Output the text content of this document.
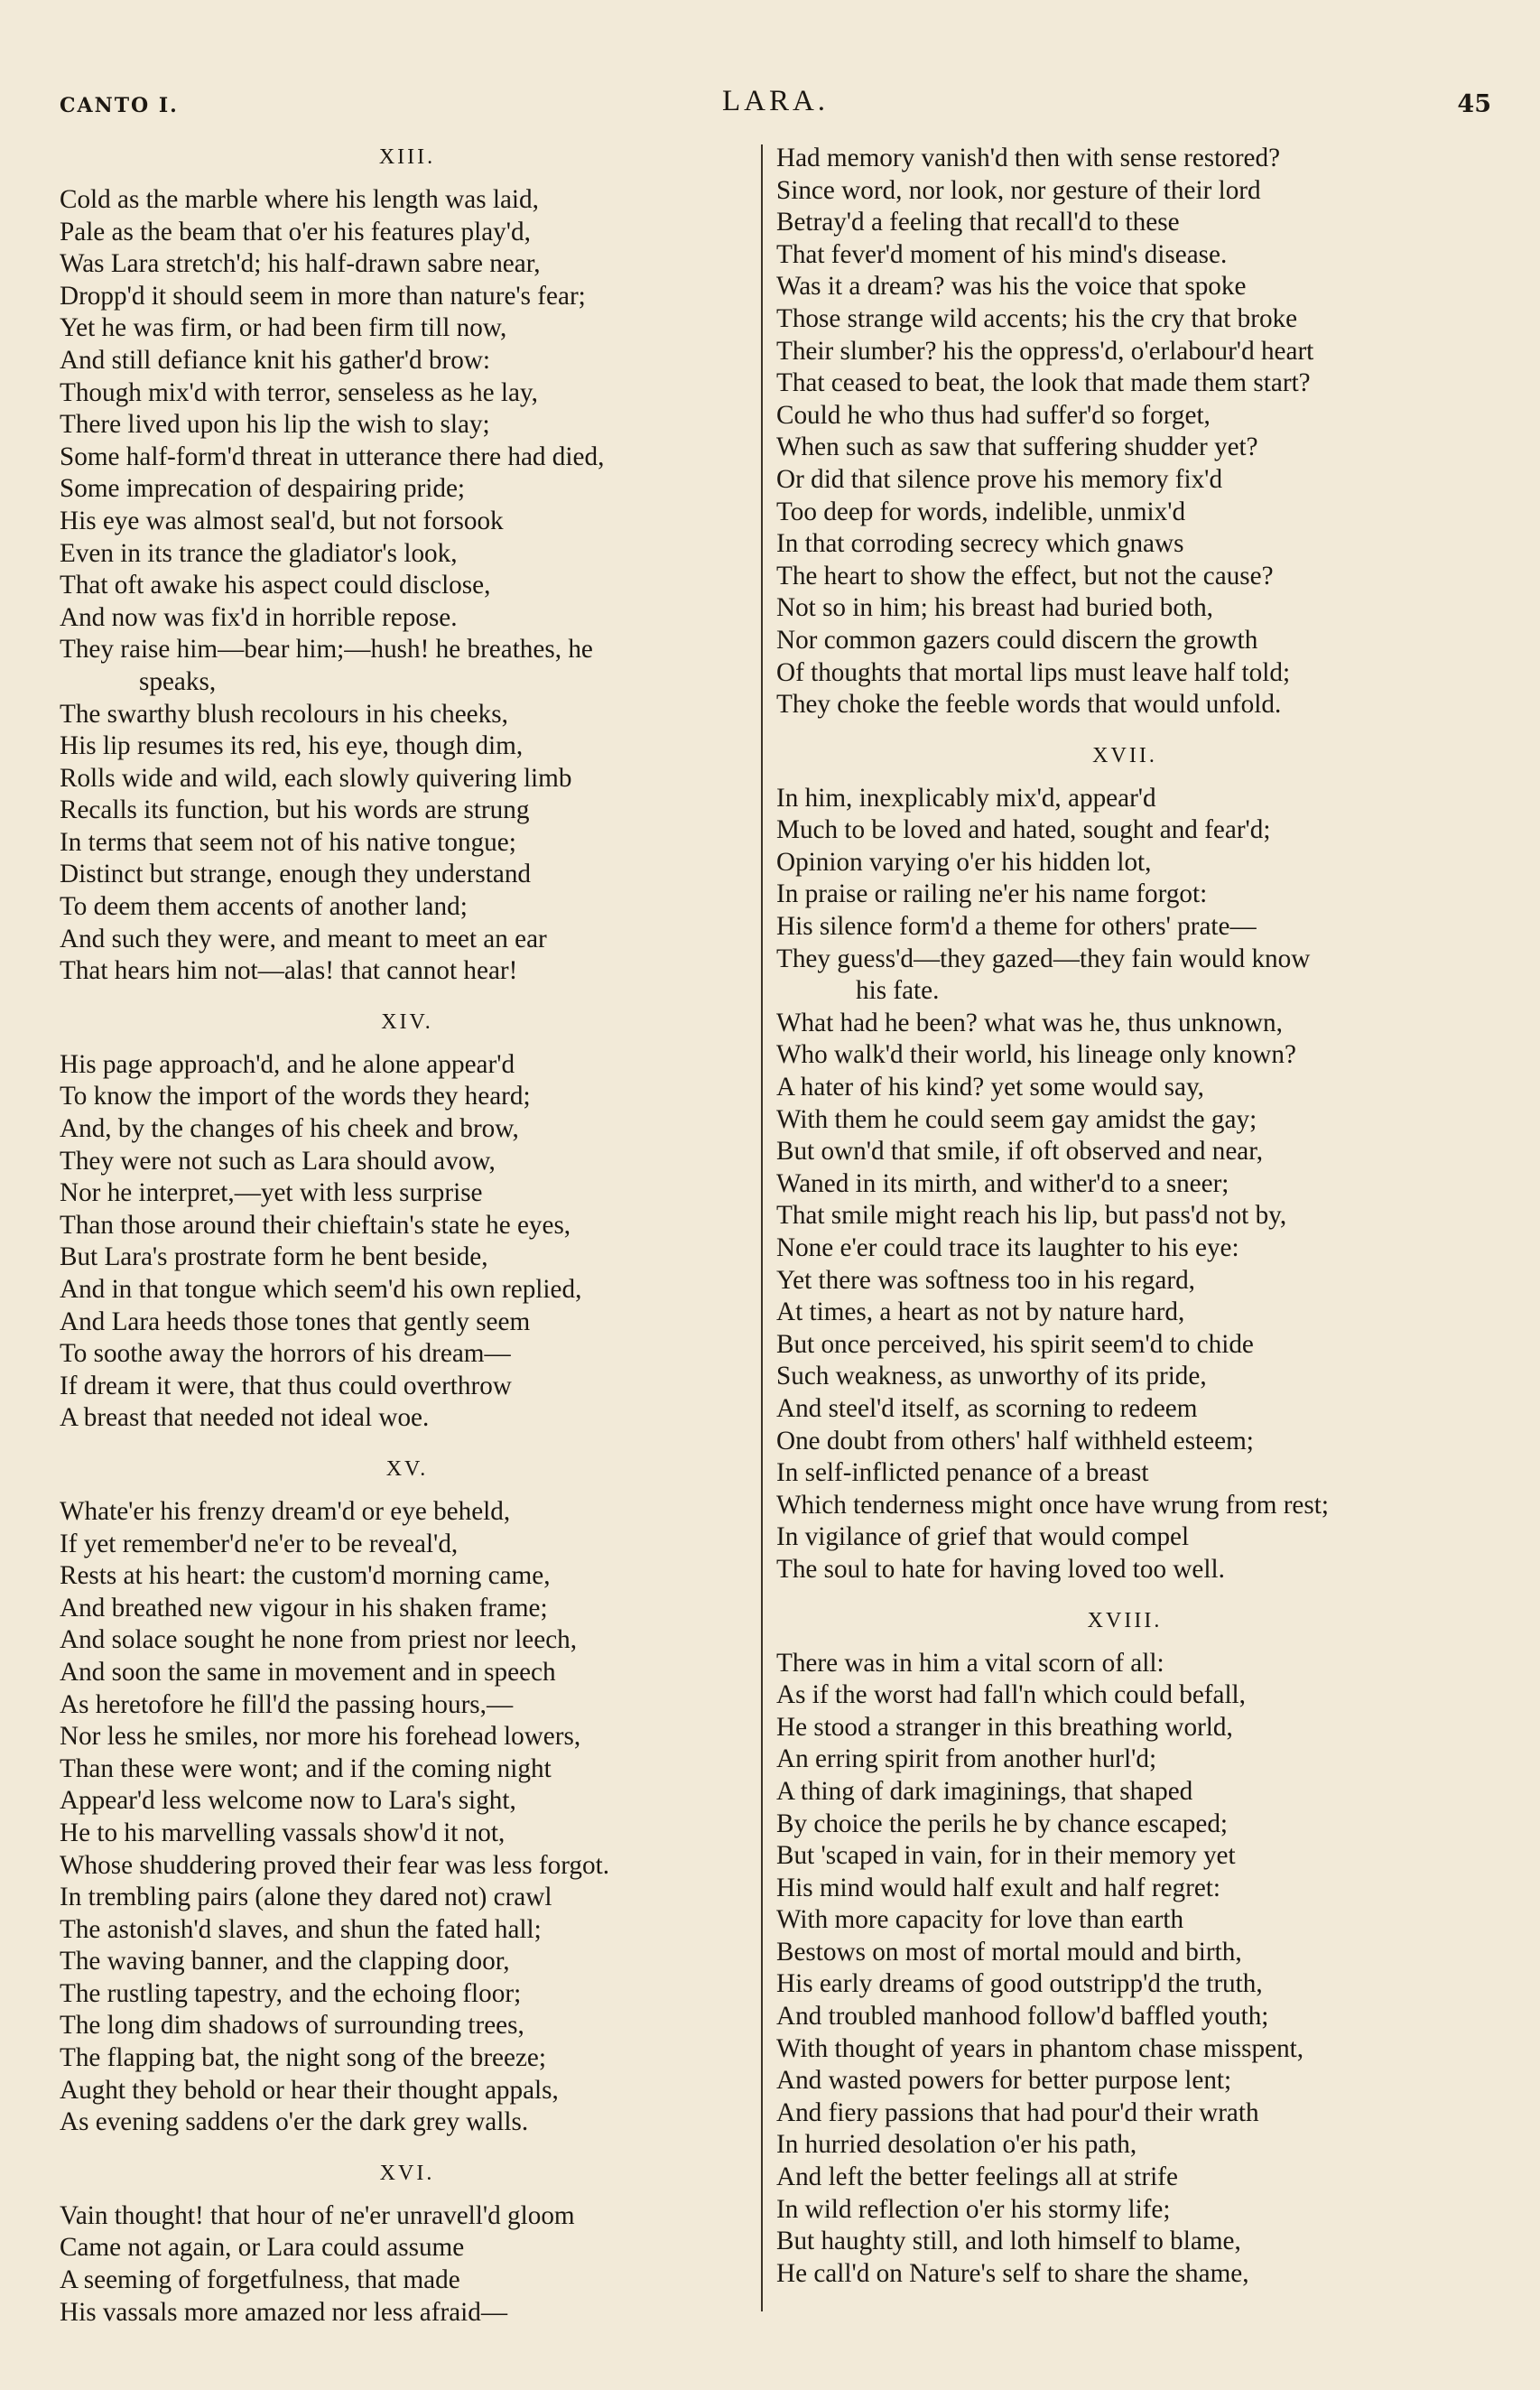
CANTO I.	LARA.	45
XIII.
Cold as the marble where his length was laid,
Pale as the beam that o'er his features play'd,
Was Lara stretch'd; his half-drawn sabre near,
Dropp'd it should seem in more than nature's fear;
Yet he was firm, or had been firm till now,
And still defiance knit his gather'd brow:
Though mix'd with terror, senseless as he lay,
There lived upon his lip the wish to slay;
Some half-form'd threat in utterance there had died,
Some imprecation of despairing pride;
His eye was almost seal'd, but not forsook
Even in its trance the gladiator's look,
That oft awake his aspect could disclose,
And now was fix'd in horrible repose.
They raise him—bear him;—hush! he breathes, he
speaks,
The swarthy blush recolours in his cheeks,
His lip resumes its red, his eye, though dim,
Rolls wide and wild, each slowly quivering limb
Recalls its function, but his words are strung
In terms that seem not of his native tongue;
Distinct but strange, enough they understand
To deem them accents of another land;
And such they were, and meant to meet an ear
That hears him not—alas! that cannot hear!
XIV.
His page approach'd, and he alone appear'd
To know the import of the words they heard;
And, by the changes of his cheek and brow,
They were not such as Lara should avow,
Nor he interpret,—yet with less surprise
Than those around their chieftain's state he eyes,
But Lara's prostrate form he bent beside,
And in that tongue which seem'd his own replied,
And Lara heeds those tones that gently seem
To soothe away the horrors of his dream—
If dream it were, that thus could overthrow
A breast that needed not ideal woe.
XV.
Whate'er his frenzy dream'd or eye beheld,
If yet remember'd ne'er to be reveal'd,
Rests at his heart: the custom'd morning came,
And breathed new vigour in his shaken frame;
And solace sought he none from priest nor leech,
And soon the same in movement and in speech
As heretofore he fill'd the passing hours,—
Nor less he smiles, nor more his forehead lowers,
Than these were wont; and if the coming night
Appear'd less welcome now to Lara's sight,
He to his marvelling vassals show'd it not,
Whose shuddering proved their fear was less forgot.
In trembling pairs (alone they dared not) crawl
The astonish'd slaves, and shun the fated hall;
The waving banner, and the clapping door,
The rustling tapestry, and the echoing floor;
The long dim shadows of surrounding trees,
The flapping bat, the night song of the breeze;
Aught they behold or hear their thought appals,
As evening saddens o'er the dark grey walls.
XVI.
Vain thought! that hour of ne'er unravell'd gloom
Came not again, or Lara could assume
A seeming of forgetfulness, that made
His vassals more amazed nor less afraid—
Had memory vanish'd then with sense restored?
Since word, nor look, nor gesture of their lord
Betray'd a feeling that recall'd to these
That fever'd moment of his mind's disease.
Was it a dream? was his the voice that spoke
Those strange wild accents; his the cry that broke
Their slumber? his the oppress'd, o'erlabour'd heart
That ceased to beat, the look that made them start?
Could he who thus had suffer'd so forget,
When such as saw that suffering shudder yet?
Or did that silence prove his memory fix'd
Too deep for words, indelible, unmix'd
In that corroding secrecy which gnaws
The heart to show the effect, but not the cause?
Not so in him; his breast had buried both,
Nor common gazers could discern the growth
Of thoughts that mortal lips must leave half told;
They choke the feeble words that would unfold.
XVII.
In him, inexplicably mix'd, appear'd
Much to be loved and hated, sought and fear'd;
Opinion varying o'er his hidden lot,
In praise or railing ne'er his name forgot:
His silence form'd a theme for others' prate—
They guess'd—they gazed—they fain would know
his fate.
What had he been? what was he, thus unknown,
Who walk'd their world, his lineage only known?
A hater of his kind? yet some would say,
With them he could seem gay amidst the gay;
But own'd that smile, if oft observed and near,
Waned in its mirth, and wither'd to a sneer;
That smile might reach his lip, but pass'd not by,
None e'er could trace its laughter to his eye:
Yet there was softness too in his regard,
At times, a heart as not by nature hard,
But once perceived, his spirit seem'd to chide
Such weakness, as unworthy of its pride,
And steel'd itself, as scorning to redeem
One doubt from others' half withheld esteem;
In self-inflicted penance of a breast
Which tenderness might once have wrung from rest;
In vigilance of grief that would compel
The soul to hate for having loved too well.
XVIII.
There was in him a vital scorn of all:
As if the worst had fall'n which could befall,
He stood a stranger in this breathing world,
An erring spirit from another hurl'd;
A thing of dark imaginings, that shaped
By choice the perils he by chance escaped;
But 'scaped in vain, for in their memory yet
His mind would half exult and half regret:
With more capacity for love than earth
Bestows on most of mortal mould and birth,
His early dreams of good outstripp'd the truth,
And troubled manhood follow'd baffled youth;
With thought of years in phantom chase misspent,
And wasted powers for better purpose lent;
And fiery passions that had pour'd their wrath
In hurried desolation o'er his path,
And left the better feelings all at strife
In wild reflection o'er his stormy life;
But haughty still, and loth himself to blame,
He call'd on Nature's self to share the shame,
